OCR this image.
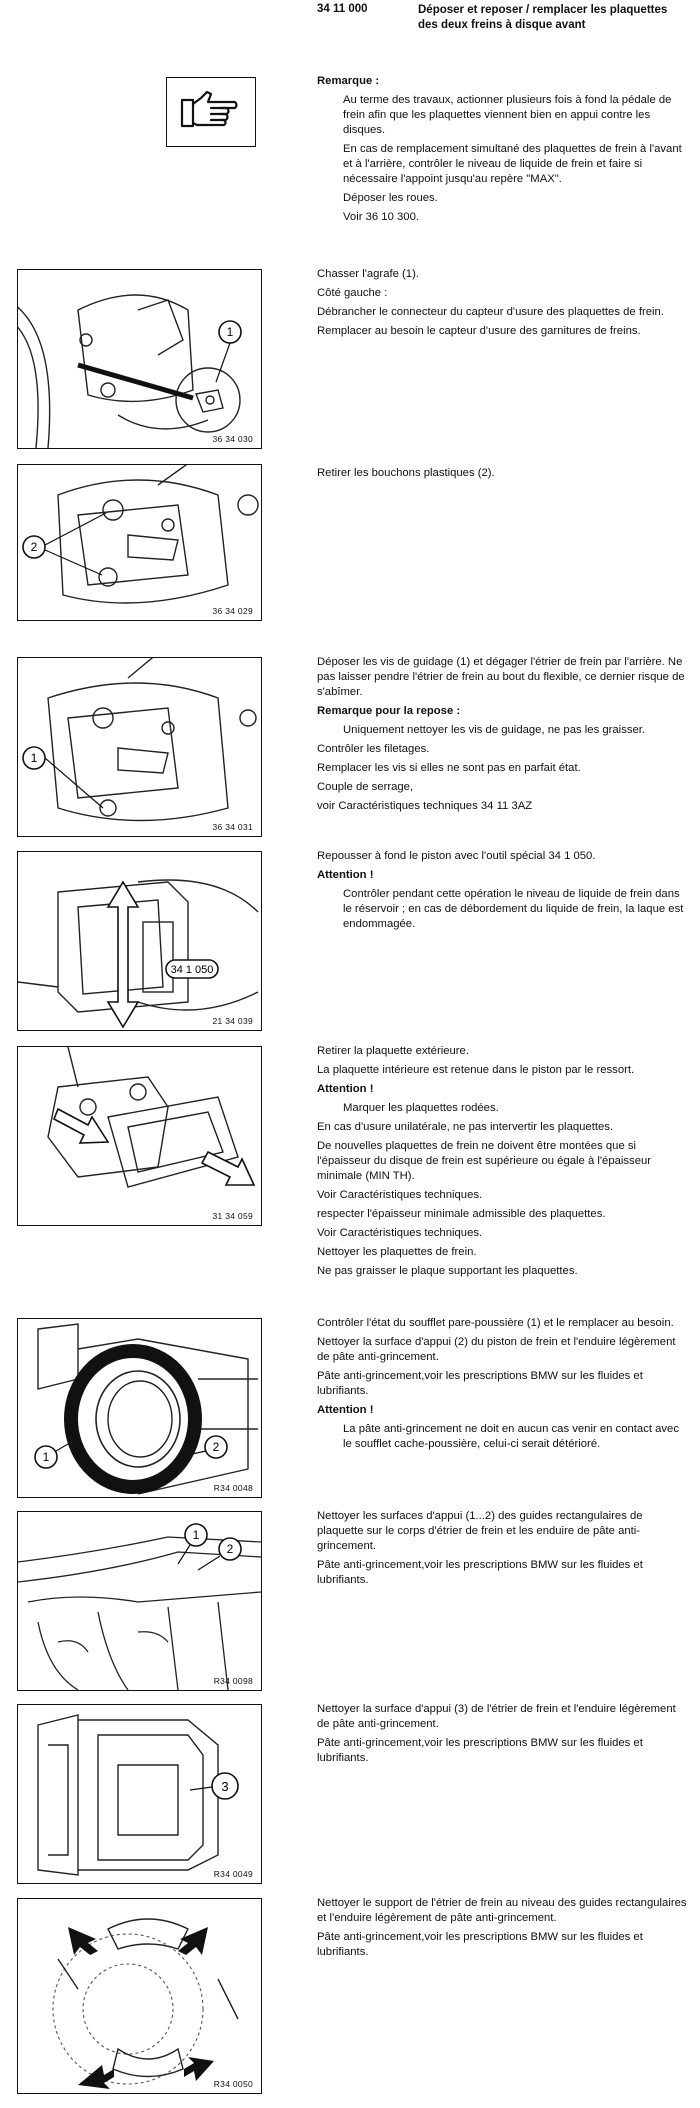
34 11 000	Déposer et reposer / remplacer les plaquettes des deux freins à disque avant

Remarque :

Au terme des travaux, actionner plusieurs fois à fond la pédale de frein afin que les plaquettes viennent bien en appui contre les disques.

En cas de remplacement simultané des plaquettes de frein à l'avant et à l'arrière, contrôler le niveau de liquide de frein et faire si nécessaire l'appoint jusqu'au repère "MAX".

Déposer les roues.

Voir 36 10 300.

1
36 34 030

Chasser l'agrafe (1).

Côté gauche :

Débrancher le connecteur du capteur d'usure des plaquettes de frein.

Remplacer au besoin le capteur d'usure des garnitures de freins.

2
36 34 029

Retirer les bouchons plastiques (2).

1
36 34 031

Déposer les vis de guidage (1) et dégager l'étrier de frein par l'arrière. Ne pas laisser pendre l'étrier de frein au bout du flexible, ce dernier risque de s'abîmer.

Remarque pour la repose :

Uniquement nettoyer les vis de guidage, ne pas les graisser.

Contrôler les filetages.

Remplacer les vis si elles ne sont pas en parfait état.

Couple de serrage,

voir Caractéristiques techniques 34 11 3AZ

34 1 050
21 34 039

Repousser à fond le piston avec l'outil spécial 34 1 050.

Attention !

Contrôler pendant cette opération le niveau de liquide de frein dans le réservoir ; en cas de débordement du liquide de frein, la laque est endommagée.

31 34 059

Retirer la plaquette extérieure.

La plaquette intérieure est retenue dans le piston par le ressort.

Attention !

Marquer les plaquettes rodées.

En cas d'usure unilatérale, ne pas intervertir les plaquettes.

De nouvelles plaquettes de frein ne doivent être montées que si l'épaisseur du disque de frein est supérieure ou égale à l'épaisseur minimale (MIN TH).

Voir Caractéristiques techniques.

respecter l'épaisseur minimale admissible des plaquettes.

Voir Caractéristiques techniques.

Nettoyer les plaquettes de frein.

Ne pas graisser le plaque supportant les plaquettes.

1
2
R34 0048

Contrôler l'état du soufflet pare-poussière (1) et le remplacer au besoin.

Nettoyer la surface d'appui (2) du piston de frein et l'enduire légèrement de pâte anti-grincement.

Pâte anti-grincement,voir les prescriptions BMW sur les fluides et lubrifiants.

Attention !

La pâte anti-grincement ne doit en aucun cas venir en contact avec le soufflet cache-poussière, celui-ci serait détérioré.

1
2
R34 0098

Nettoyer les surfaces d'appui (1...2) des guides rectangulaires de plaquette sur le corps d'étrier de frein et les enduire de pâte anti-grincement.

Pâte anti-grincement,voir les prescriptions BMW sur les fluides et lubrifiants.

3
R34 0049

Nettoyer la surface d'appui (3) de l'étrier de frein et l'enduire légèrement de pâte anti-grincement.

Pâte anti-grincement,voir les prescriptions BMW sur les fluides et lubrifiants.

R34 0050

Nettoyer le support de l'étrier de frein au niveau des guides rectangulaires et l'enduire légèrement de pâte anti-grincement.

Pâte anti-grincement,voir les prescriptions BMW sur les fluides et lubrifiants.
